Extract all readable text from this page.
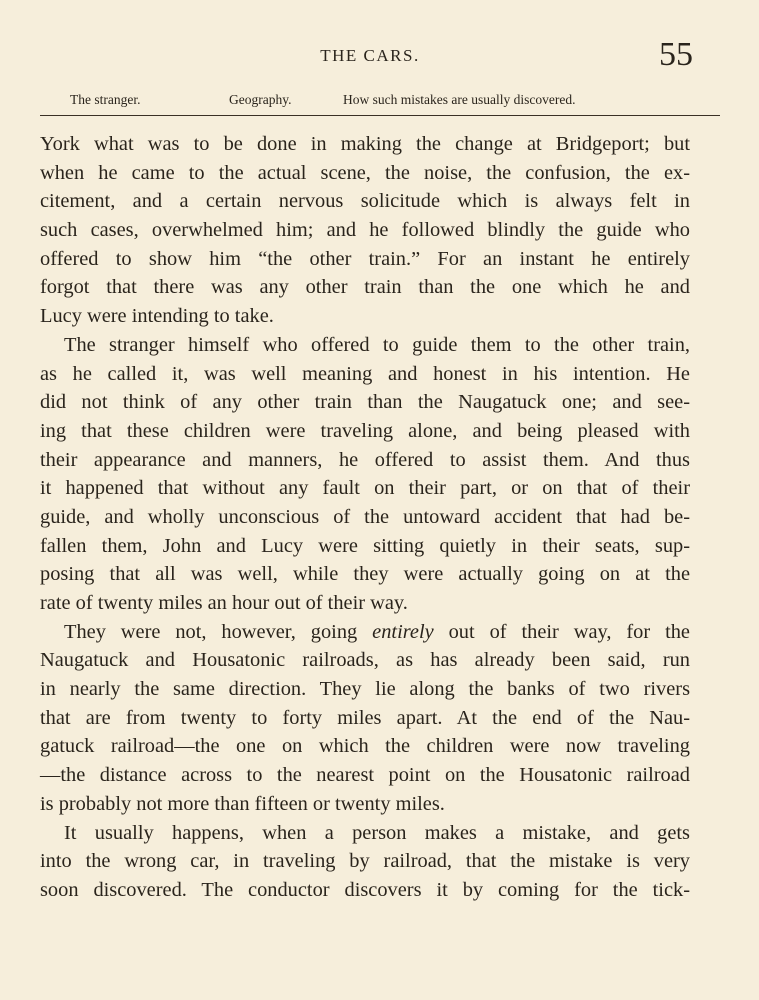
THE CARS.	55
The stranger.	Geography.	How such mistakes are usually discovered.
York what was to be done in making the change at Bridgeport; but
when he came to the actual scene, the noise, the confusion, the ex-
citement, and a certain nervous solicitude which is always felt in
such cases, overwhelmed him; and he followed blindly the guide who
offered to show him “the other train.” For an instant he entirely
forgot that there was any other train than the one which he and
Lucy were intending to take.
The stranger himself who offered to guide them to the other train,
as he called it, was well meaning and honest in his intention. He
did not think of any other train than the Naugatuck one; and see-
ing that these children were traveling alone, and being pleased with
their appearance and manners, he offered to assist them. And thus
it happened that without any fault on their part, or on that of their
guide, and wholly unconscious of the untoward accident that had be-
fallen them, John and Lucy were sitting quietly in their seats, sup-
posing that all was well, while they were actually going on at the
rate of twenty miles an hour out of their way.
They were not, however, going entirely out of their way, for the
Naugatuck and Housatonic railroads, as has already been said, run
in nearly the same direction. They lie along the banks of two rivers
that are from twenty to forty miles apart. At the end of the Nau-
gatuck railroad—the one on which the children were now traveling
—the distance across to the nearest point on the Housatonic railroad
is probably not more than fifteen or twenty miles.
It usually happens, when a person makes a mistake, and gets
into the wrong car, in traveling by railroad, that the mistake is very
soon discovered. The conductor discovers it by coming for the tick-
